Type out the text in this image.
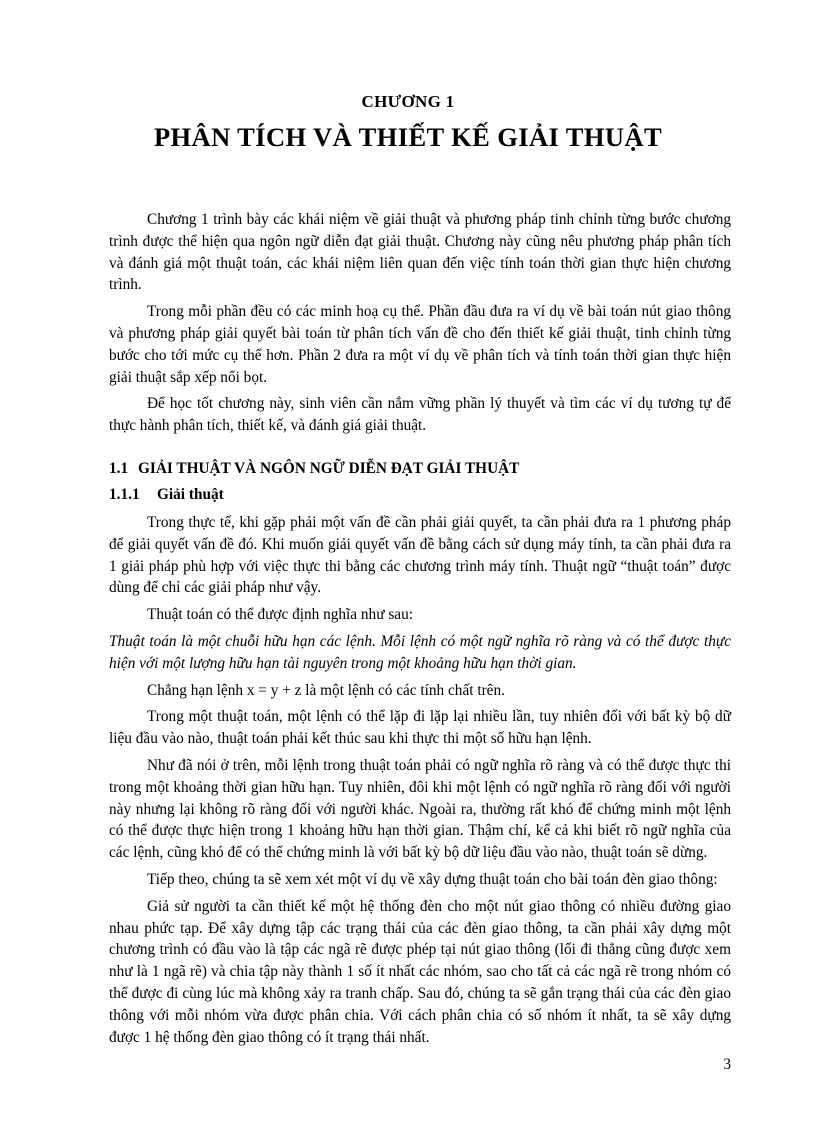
CHƯƠNG 1
PHÂN TÍCH VÀ THIẾT KẾ GIẢI THUẬT

Chương 1 trình bày các khái niệm về giải thuật và phương pháp tinh chỉnh từng bước chương trình được thể hiện qua ngôn ngữ diễn đạt giải thuật. Chương này cũng nêu phương pháp phân tích và đánh giá một thuật toán, các khái niệm liên quan đến việc tính toán thời gian thực hiện chương trình.

Trong mỗi phần đều có các minh hoạ cụ thể. Phần đầu đưa ra ví dụ về bài toán nút giao thông và phương pháp giải quyết bài toán từ phân tích vấn đề cho đến thiết kế giải thuật, tinh chỉnh từng bước cho tới mức cụ thể hơn. Phần 2 đưa ra một ví dụ về phân tích và tính toán thời gian thực hiện giải thuật sắp xếp nổi bọt.

Để học tốt chương này, sinh viên cần nắm vững phần lý thuyết và tìm các ví dụ tương tự để thực hành phân tích, thiết kế, và đánh giá giải thuật.

1.1 GIẢI THUẬT VÀ NGÔN NGỮ DIỄN ĐẠT GIẢI THUẬT
1.1.1 Giải thuật

Trong thực tế, khi gặp phải một vấn đề cần phải giải quyết, ta cần phải đưa ra 1 phương pháp để giải quyết vấn đề đó. Khi muốn giải quyết vấn đề bằng cách sử dụng máy tính, ta cần phải đưa ra 1 giải pháp phù hợp với việc thực thi bằng các chương trình máy tính. Thuật ngữ “thuật toán” được dùng để chỉ các giải pháp như vậy.

Thuật toán có thể được định nghĩa như sau:

Thuật toán là một chuỗi hữu hạn các lệnh. Mỗi lệnh có một ngữ nghĩa rõ ràng và có thể được thực hiện với một lượng hữu hạn tài nguyên trong một khoảng hữu hạn thời gian.

Chẳng hạn lệnh x = y + z là một lệnh có các tính chất trên.

Trong một thuật toán, một lệnh có thể lặp đi lặp lại nhiều lần, tuy nhiên đối với bất kỳ bộ dữ liệu đầu vào nào, thuật toán phải kết thúc sau khi thực thi một số hữu hạn lệnh.

Như đã nói ở trên, mỗi lệnh trong thuật toán phải có ngữ nghĩa rõ ràng và có thể được thực thi trong một khoảng thời gian hữu hạn. Tuy nhiên, đôi khi một lệnh có ngữ nghĩa rõ ràng đối với người này nhưng lại không rõ ràng đối với người khác. Ngoài ra, thường rất khó để chứng minh một lệnh có thể được thực hiện trong 1 khoảng hữu hạn thời gian. Thậm chí, kể cả khi biết rõ ngữ nghĩa của các lệnh, cũng khó để có thể chứng minh là với bất kỳ bộ dữ liệu đầu vào nào, thuật toán sẽ dừng.

Tiếp theo, chúng ta sẽ xem xét một ví dụ về xây dựng thuật toán cho bài toán đèn giao thông:

Giả sử người ta cần thiết kế một hệ thống đèn cho một nút giao thông có nhiều đường giao nhau phức tạp. Để xây dựng tập các trạng thái của các đèn giao thông, ta cần phải xây dựng một chương trình có đầu vào là tập các ngã rẽ được phép tại nút giao thông (lối đi thẳng cũng được xem như là 1 ngã rẽ) và chia tập này thành 1 số ít nhất các nhóm, sao cho tất cả các ngã rẽ trong nhóm có thể được đi cùng lúc mà không xảy ra tranh chấp. Sau đó, chúng ta sẽ gắn trạng thái của các đèn giao thông với mỗi nhóm vừa được phân chia. Với cách phân chia có số nhóm ít nhất, ta sẽ xây dựng được 1 hệ thống đèn giao thông có ít trạng thái nhất.

3
